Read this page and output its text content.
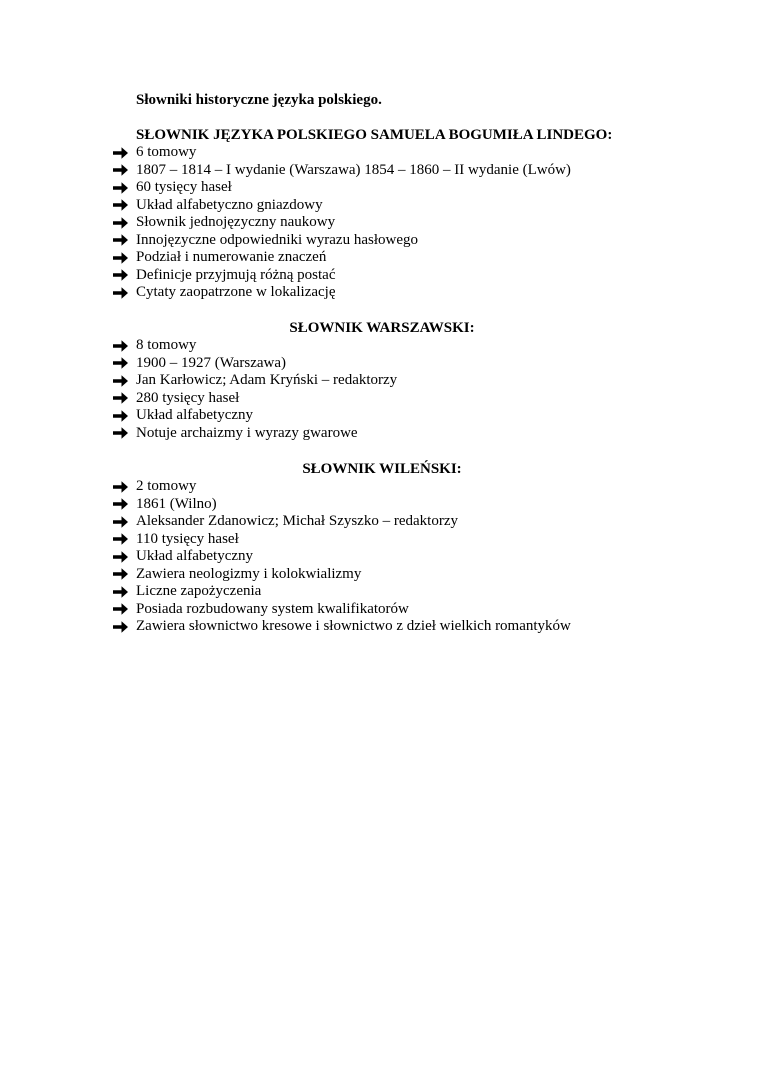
Słowniki historyczne języka polskiego.
SŁOWNIK JĘZYKA POLSKIEGO SAMUELA BOGUMIŁA LINDEGO:
6 tomowy
1807 – 1814 – I wydanie (Warszawa) 1854 – 1860 – II wydanie (Lwów)
60 tysięcy haseł
Układ alfabetyczno gniazdowy
Słownik jednojęzyczny naukowy
Innojęzyczne odpowiedniki wyrazu hasłowego
Podział i numerowanie znaczeń
Definicje przyjmują różną postać
Cytaty zaopatrzone w lokalizację
SŁOWNIK WARSZAWSKI:
8 tomowy
1900 – 1927 (Warszawa)
Jan Karłowicz; Adam Kryński – redaktorzy
280 tysięcy haseł
Układ alfabetyczny
Notuje archaizmy i wyrazy gwarowe
SŁOWNIK WILEŃSKI:
2 tomowy
1861 (Wilno)
Aleksander Zdanowicz; Michał Szyszko – redaktorzy
110 tysięcy haseł
Układ alfabetyczny
Zawiera neologizmy i kolokwializmy
Liczne zapożyczenia
Posiada rozbudowany system kwalifikatorów
Zawiera słownictwo kresowe i słownictwo z dzieł wielkich romantyków
